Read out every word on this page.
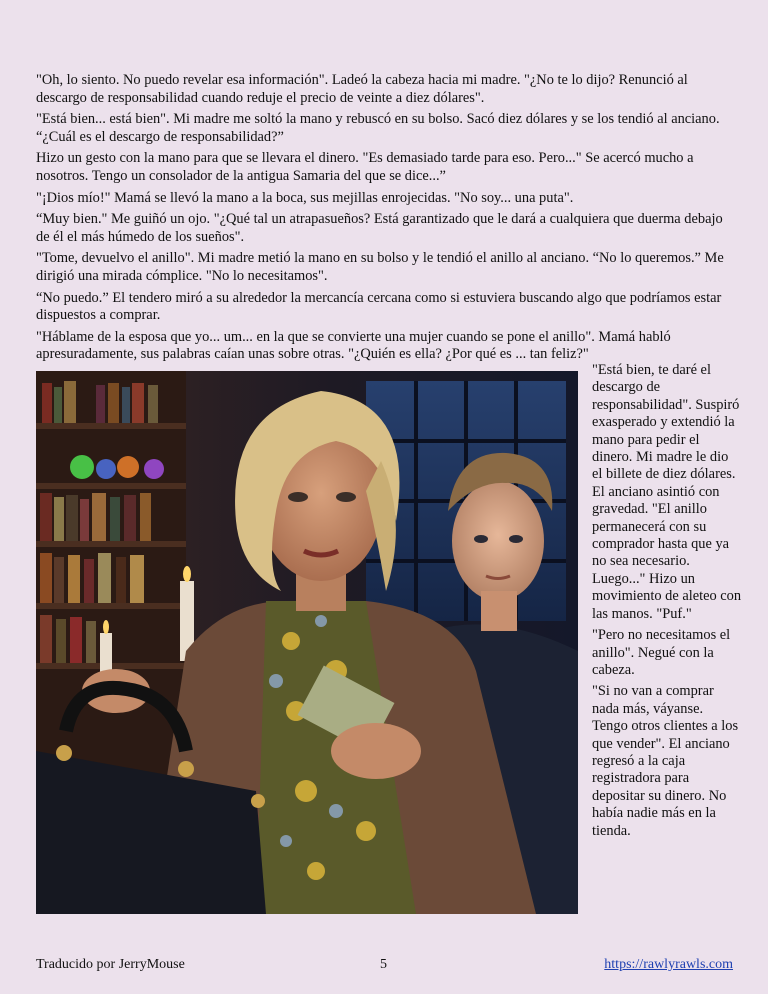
"Oh, lo siento. No puedo revelar esa información". Ladeó la cabeza hacia mi madre. "¿No te lo dijo? Renunció al descargo de responsabilidad cuando reduje el precio de veinte a diez dólares".

"Está bien... está bien". Mi madre me soltó la mano y rebuscó en su bolso. Sacó diez dólares y se los tendió al anciano. “¿Cuál es el descargo de responsabilidad?”

Hizo un gesto con la mano para que se llevara el dinero. "Es demasiado tarde para eso. Pero..." Se acercó mucho a nosotros. Tengo un consolador de la antigua Samaria del que se dice...”

"¡Dios mío!" Mamá se llevó la mano a la boca, sus mejillas enrojecidas. "No soy... una puta".

“Muy bien." Me guiñó un ojo. "¿Qué tal un atrapasueños? Está garantizado que le dará a cualquiera que duerma debajo de él el más húmedo de los sueños".

"Tome, devuelvo el anillo". Mi madre metió la mano en su bolso y le tendió el anillo al anciano. “No lo queremos.” Me dirigió una mirada cómplice. "No lo necesitamos".

“No puedo.” El tendero miró a su alrededor la mercancía cercana como si estuviera buscando algo que podríamos estar dispuestos a comprar.

"Háblame de la esposa que yo... um... en la que se convierte una mujer cuando se pone el anillo". Mamá habló apresuradamente, sus palabras caían unas sobre otras. "¿Quién es ella? ¿Por qué es ... tan feliz?"

"Está bien, te daré el descargo de responsabilidad". Suspiró exasperado y extendió la mano para pedir el dinero. Mi madre le dio el billete de diez dólares. El anciano asintió con gravedad. "El anillo permanecerá con su comprador hasta que ya no sea necesario. Luego..." Hizo un movimiento de aleteo con las manos. "Puf."

"Pero no necesitamos el anillo". Negué con la cabeza.

"Si no van a comprar nada más, váyanse. Tengo otros clientes a los que vender". El anciano regresó a la caja registradora para depositar su dinero. No había nadie más en la tienda.

Traducido por JerryMouse	5	https://rawlyrawls.com
